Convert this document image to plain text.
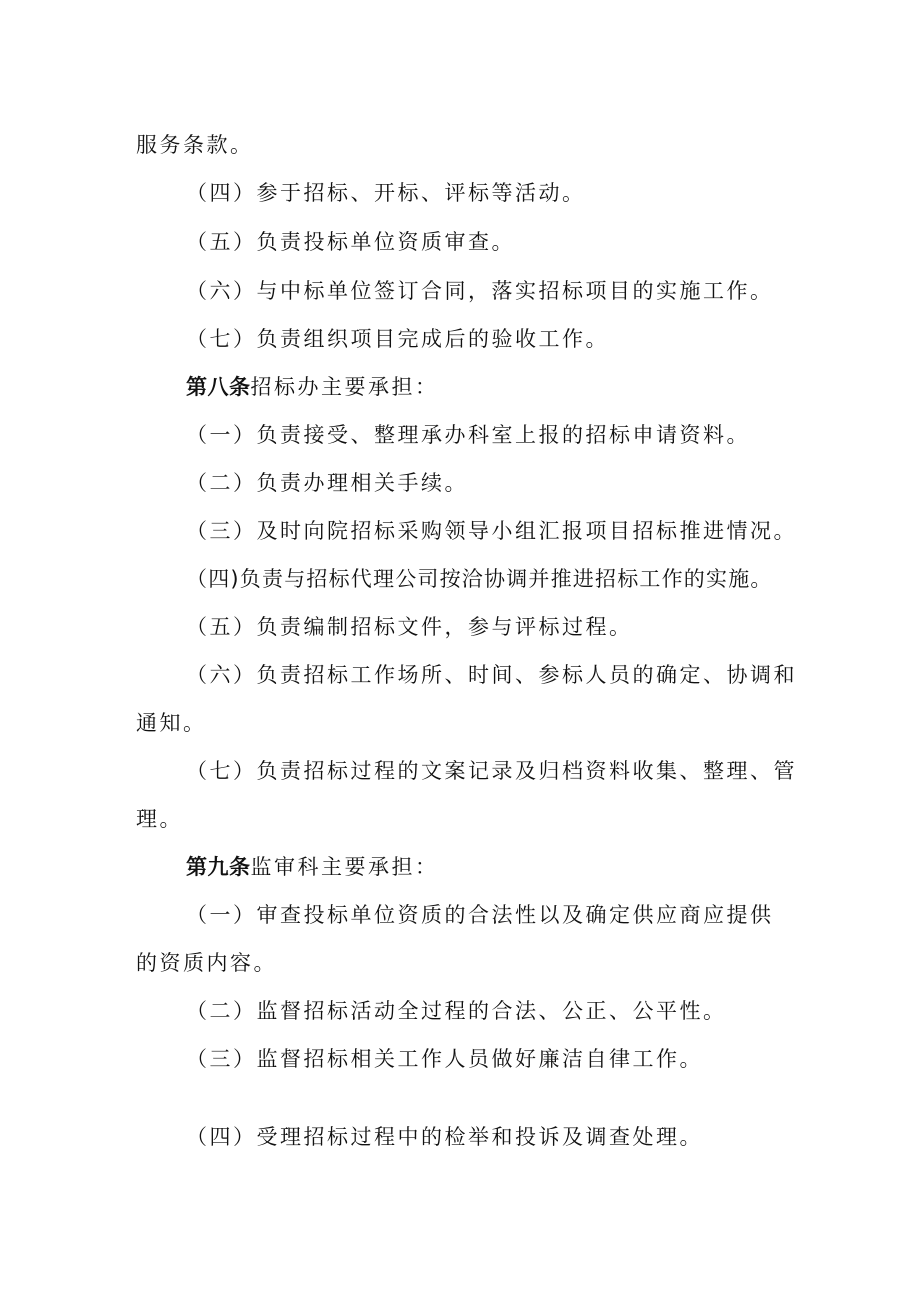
服务条款。
（四）参于招标、开标、评标等活动。
（五）负责投标单位资质审查。
（六）与中标单位签订合同，落实招标项目的实施工作。
（七）负责组织项目完成后的验收工作。
第八条招标办主要承担：
（一）负责接受、整理承办科室上报的招标申请资料。
（二）负责办理相关手续。
（三）及时向院招标采购领导小组汇报项目招标推进情况。
（四)负责与招标代理公司按洽协调并推进招标工作的实施。
（五）负责编制招标文件，参与评标过程。
（六）负责招标工作场所、时间、参标人员的确定、协调和
通知。
（七）负责招标过程的文案记录及归档资料收集、整理、管
理。
第九条监审科主要承担：
（一）审查投标单位资质的合法性以及确定供应商应提供
的资质内容。
（二）监督招标活动全过程的合法、公正、公平性。
（三）监督招标相关工作人员做好廉洁自律工作。
（四）受理招标过程中的检举和投诉及调查处理。
